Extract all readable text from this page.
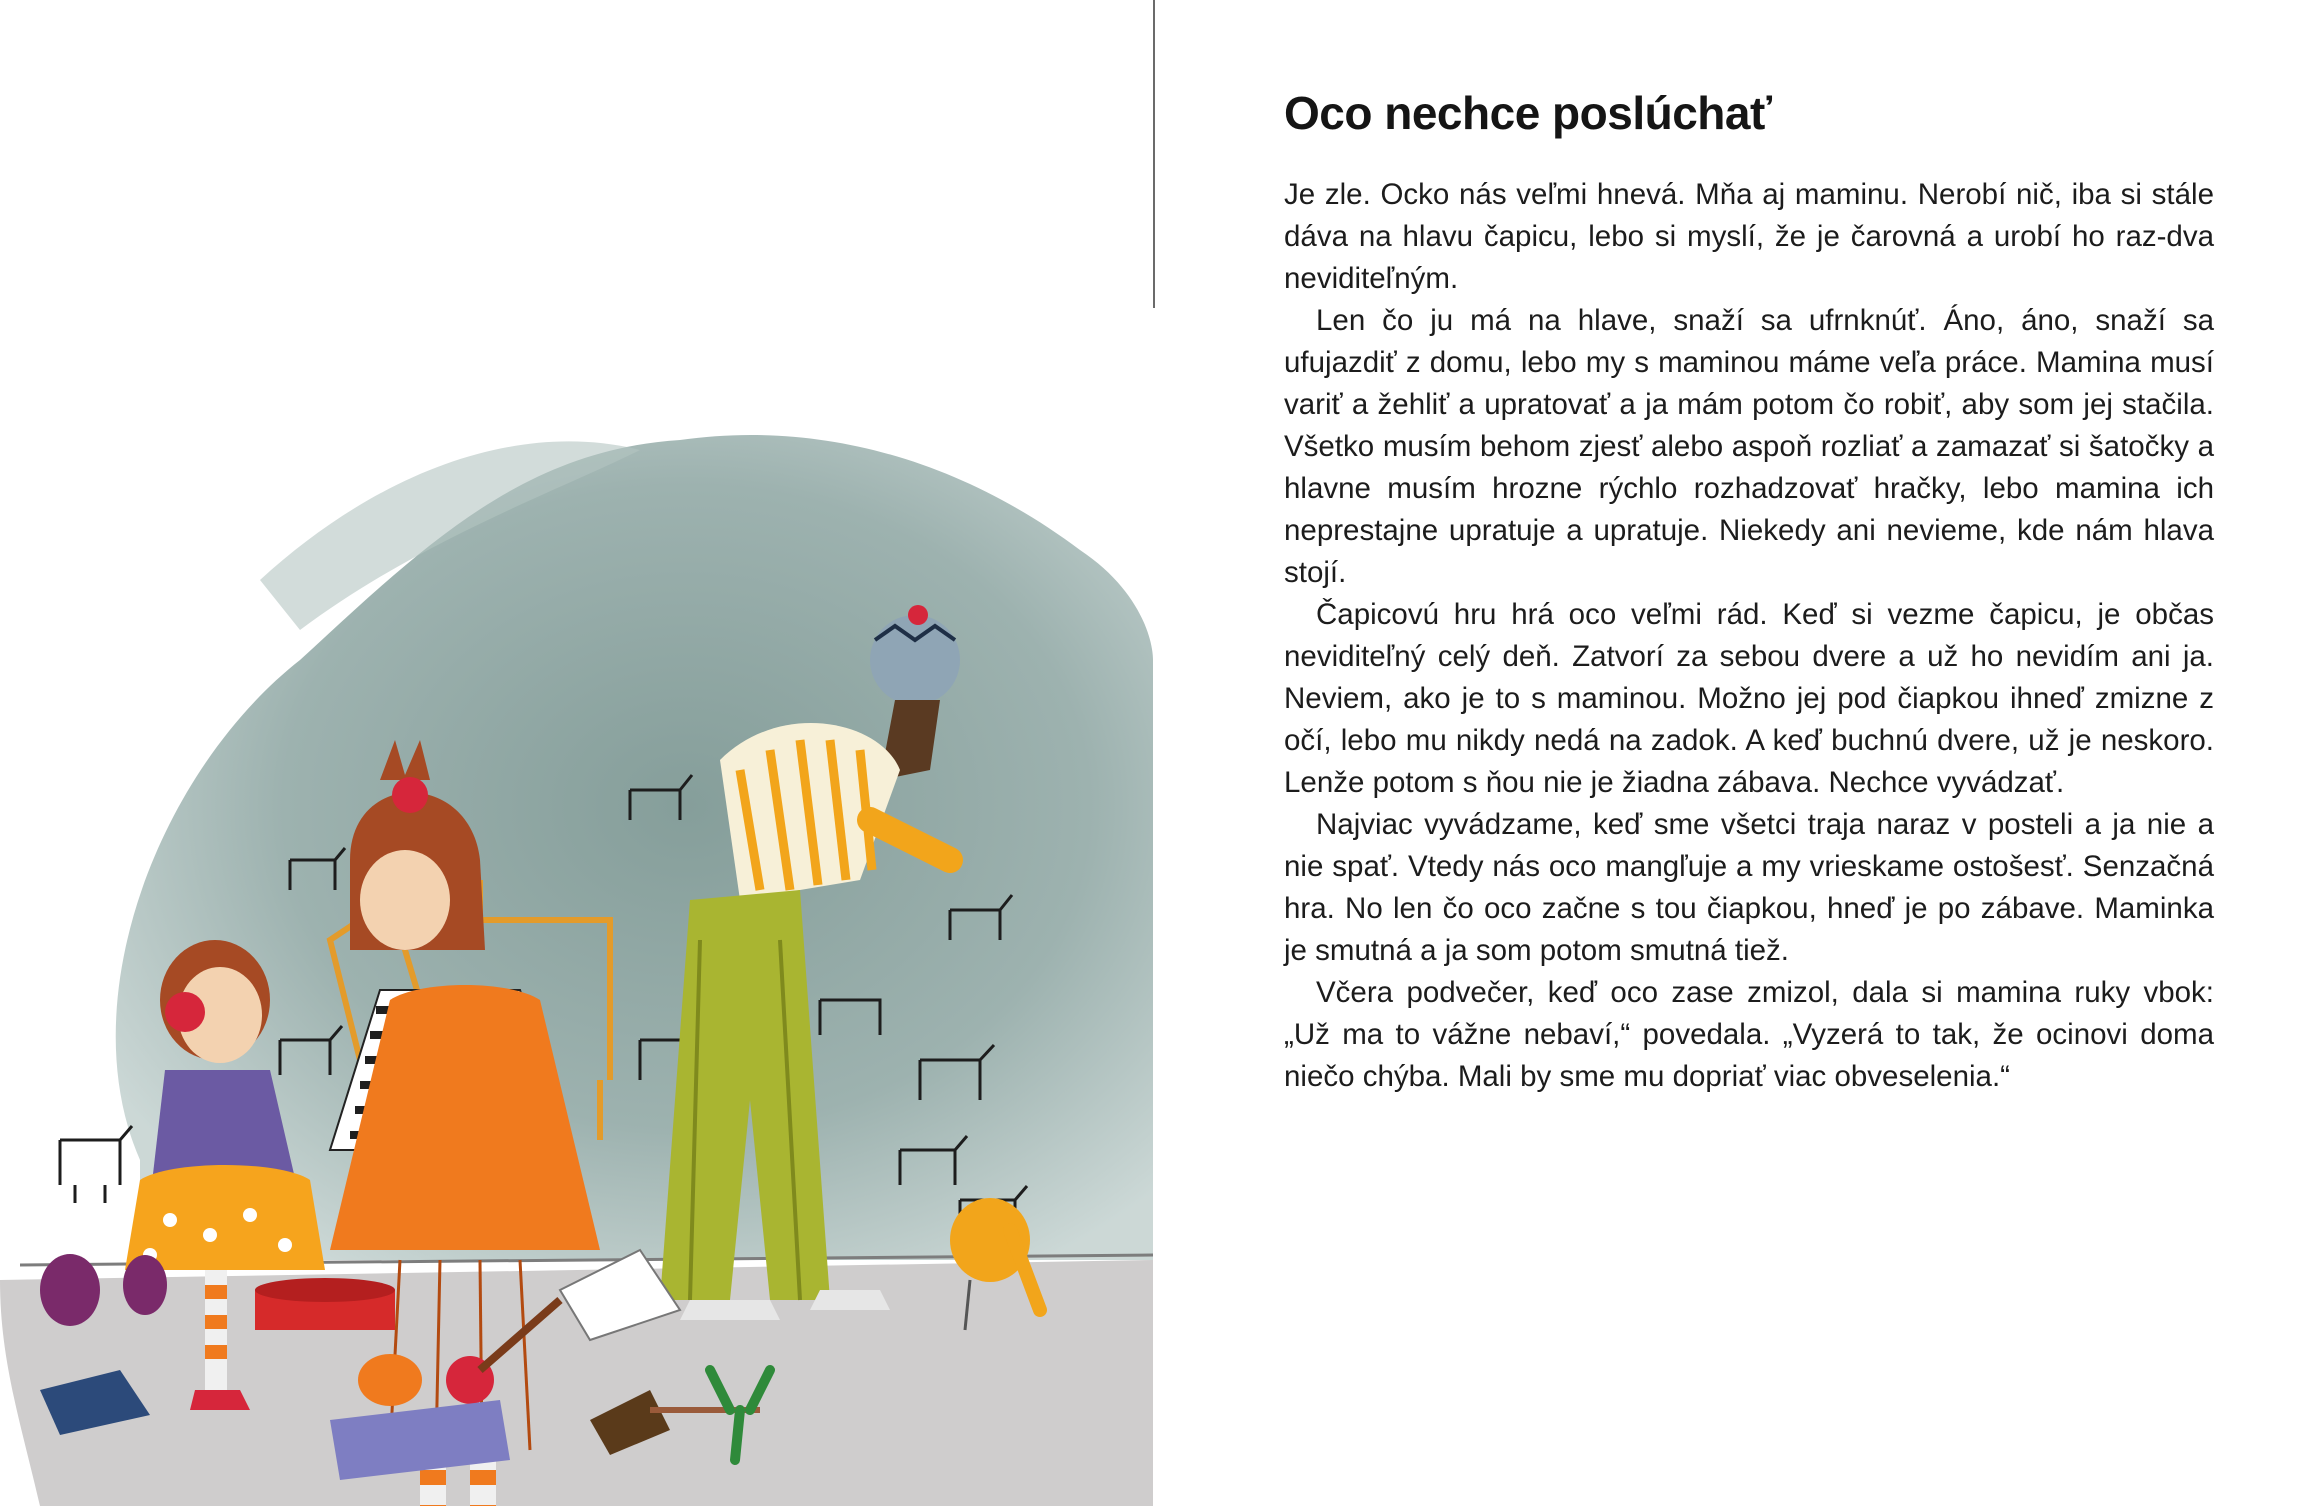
Oco nechce poslúchať

Je zle. Ocko nás veľmi hnevá. Mňa aj maminu. Nerobí nič, iba si stále dáva na hlavu čapicu, lebo si myslí, že je čarovná a urobí ho raz-dva neviditeľným.

Len čo ju má na hlave, snaží sa ufrnknúť. Áno, áno, snaží sa ufujazdiť z domu, lebo my s maminou máme veľa práce. Mamina musí variť a žehliť a upratovať a ja mám potom čo robiť, aby som jej stačila. Všetko musím behom zjesť alebo aspoň rozliať a zamazať si šatočky a hlavne musím hrozne rýchlo rozhadzovať hračky, lebo mamina ich neprestajne upratuje a upratuje. Niekedy ani nevieme, kde nám hlava stojí.

Čapicovú hru hrá oco veľmi rád. Keď si vezme čapicu, je občas neviditeľný celý deň. Zatvorí za sebou dvere a už ho nevidím ani ja. Neviem, ako je to s maminou. Možno jej pod čiapkou ihneď zmizne z očí, lebo mu nikdy nedá na zadok. A keď buchnú dvere, už je neskoro. Lenže potom s ňou nie je žiadna zábava. Nechce vyvádzať.

Najviac vyvádzame, keď sme všetci traja naraz v posteli a ja nie a nie spať. Vtedy nás oco mangľuje a my vrieskame ostošesť. Senzačná hra. No len čo oco začne s tou čiapkou, hneď je po zábave. Maminka je smutná a ja som potom smutná tiež.

Včera podvečer, keď oco zase zmizol, dala si mamina ruky vbok: „Už ma to vážne nebaví,“ povedala. „Vyzerá to tak, že ocinovi doma niečo chýba. Mali by sme mu dopriať viac obveselenia.“
